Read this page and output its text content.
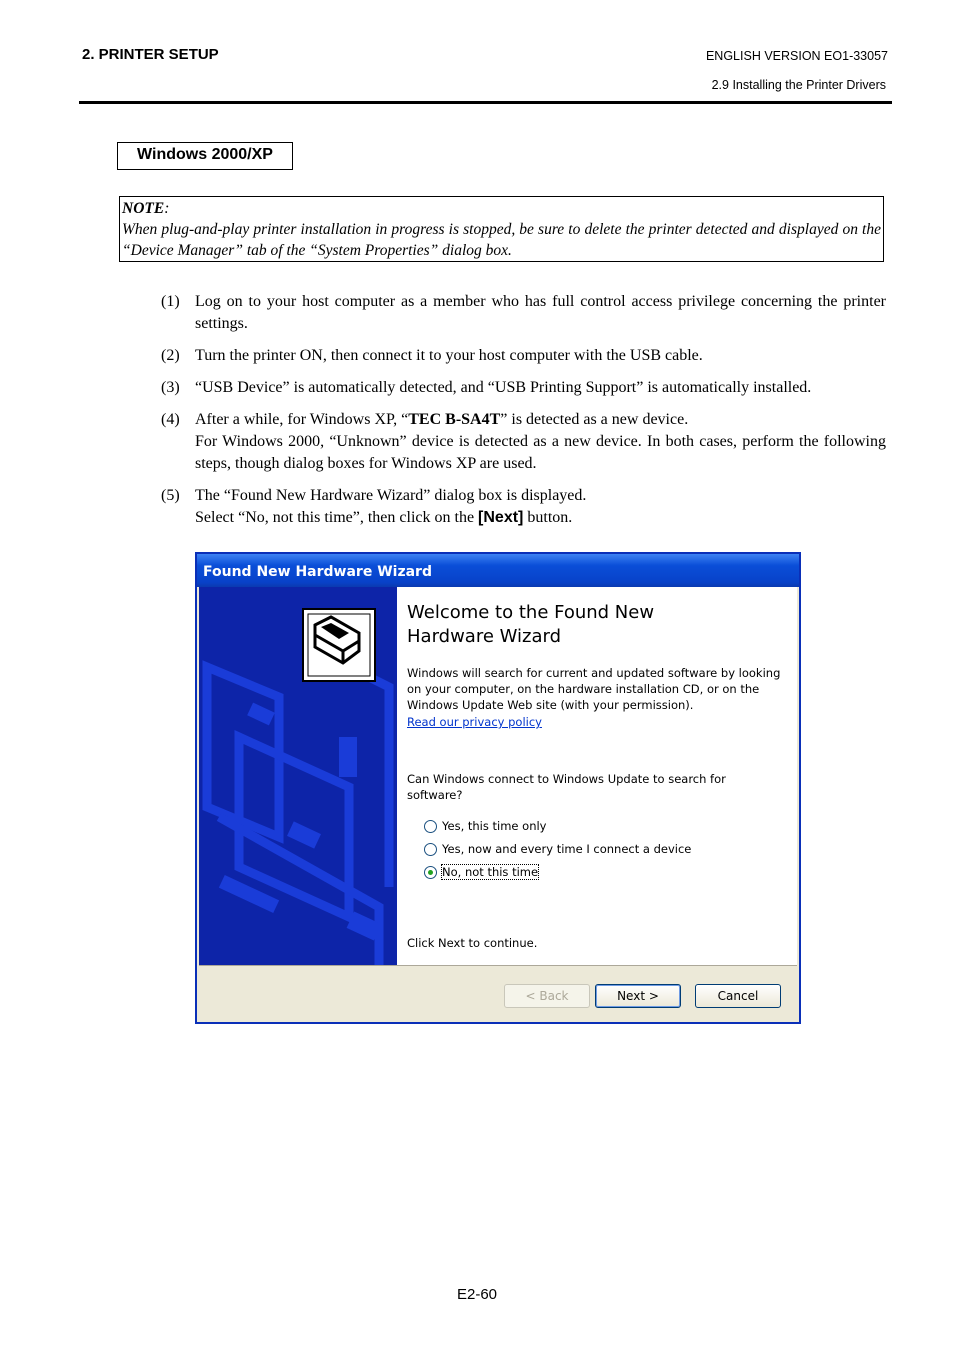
2. PRINTER SETUP	ENGLISH VERSION EO1-33057
2.9 Installing the Printer Drivers
Windows 2000/XP
NOTE:
When plug-and-play printer installation in progress is stopped, be sure to delete the printer detected and displayed on the “Device Manager” tab of the “System Properties” dialog box.
(1) Log on to your host computer as a member who has full control access privilege concerning the printer settings.
(2) Turn the printer ON, then connect it to your host computer with the USB cable.
(3) “USB Device” is automatically detected, and “USB Printing Support” is automatically installed.
(4) After a while, for Windows XP, “TEC B-SA4T” is detected as a new device.
For Windows 2000, “Unknown” device is detected as a new device. In both cases, perform the following steps, though dialog boxes for Windows XP are used.
(5) The “Found New Hardware Wizard” dialog box is displayed.
Select “No, not this time”, then click on the [Next] button.
Found New Hardware Wizard
Welcome to the Found New
Hardware Wizard
Windows will search for current and updated software by looking on your computer, on the hardware installation CD, or on the Windows Update Web site (with your permission).
Read our privacy policy
Can Windows connect to Windows Update to search for software?
Yes, this time only
Yes, now and every time I connect a device
No, not this time
Click Next to continue.
< Back	Next >	Cancel
E2-60
